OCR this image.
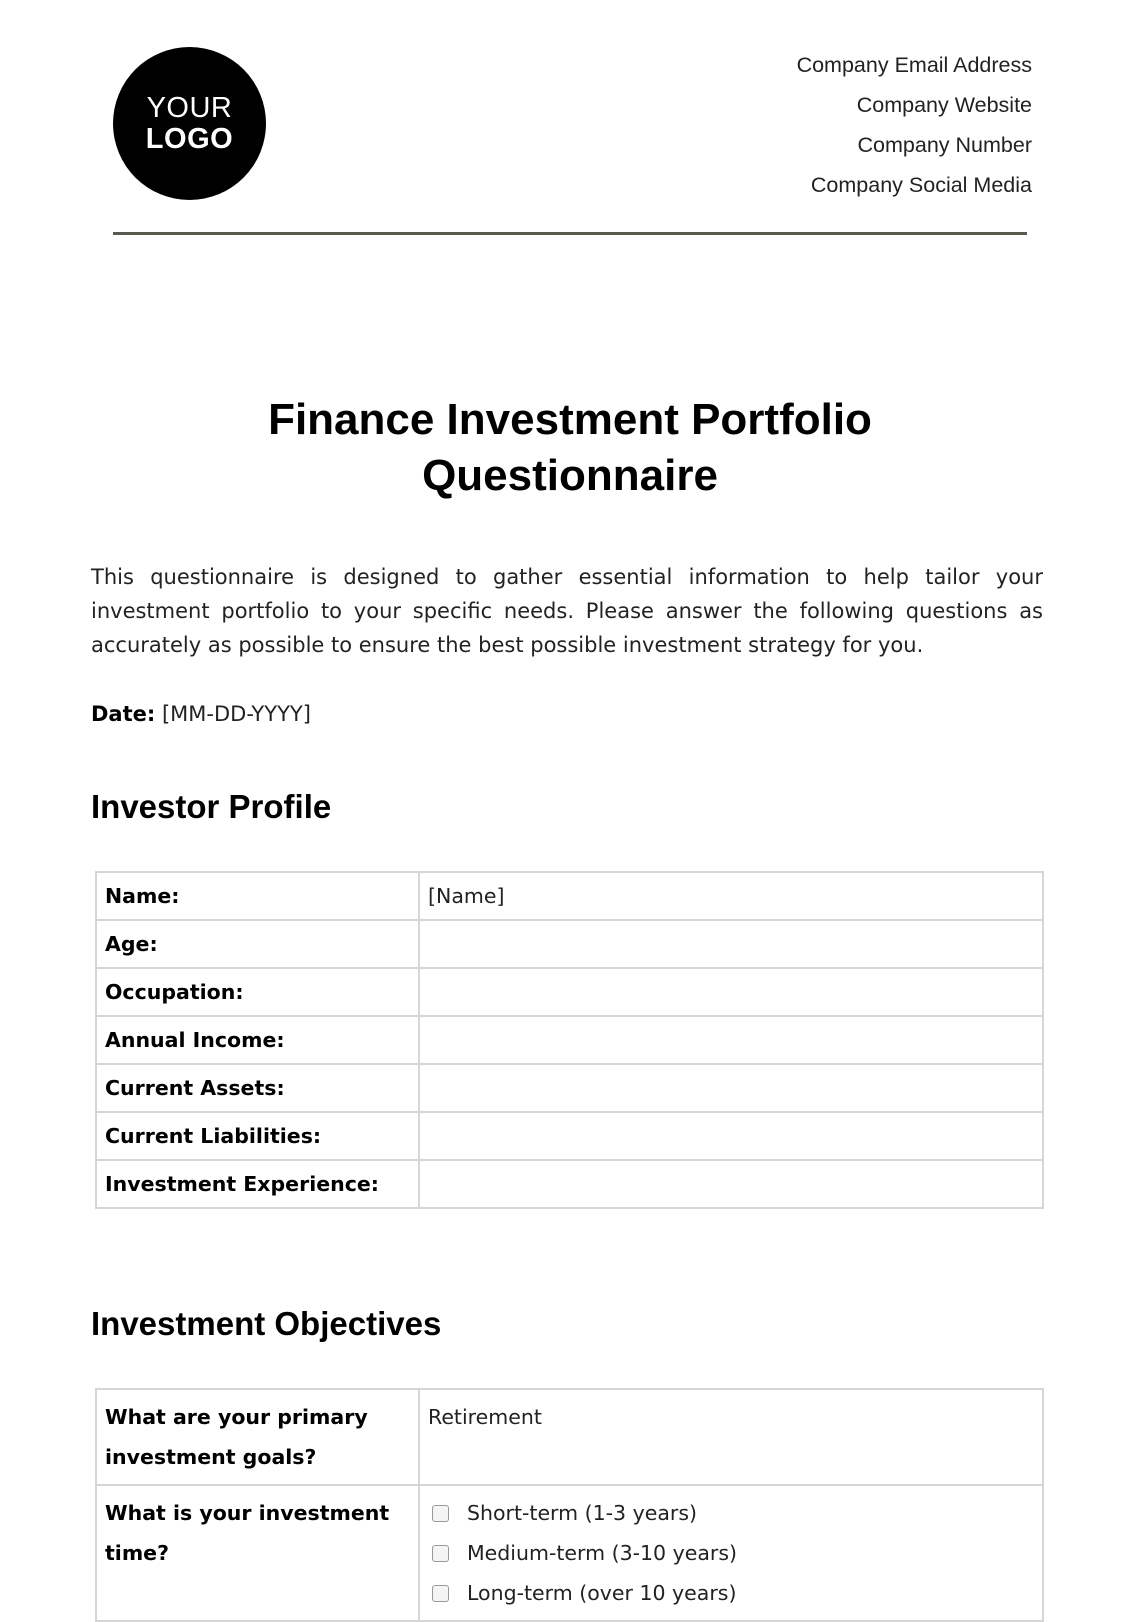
YOUR
LOGO
Company Email Address
Company Website
Company Number
Company Social Media
Finance Investment Portfolio
Questionnaire

This questionnaire is designed to gather essential information to help tailor your investment portfolio to your specific needs. Please answer the following questions as accurately as possible to ensure the best possible investment strategy for you.

Date: [MM-DD-YYYY]
Investor Profile
Name:	[Name]
Age:	
Occupation:	
Annual Income:	
Current Assets:	
Current Liabilities:	
Investment Experience:	
Investment Objectives
What are your primary investment goals?	Retirement
What is your investment time?	Short-term (1-3 years)
Medium-term (3-10 years)
Long-term (over 10 years)
